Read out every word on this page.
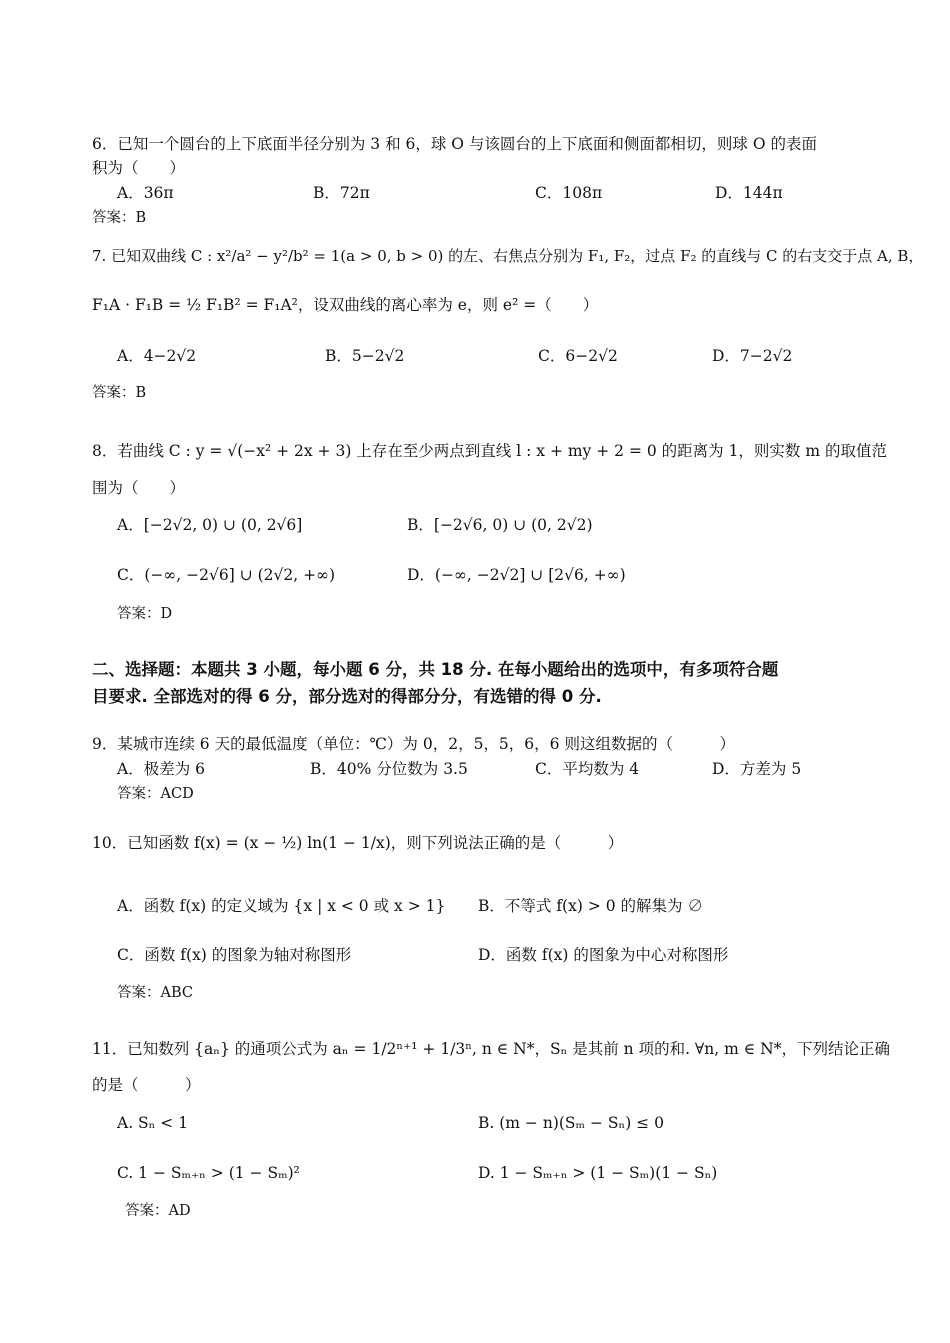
6．已知一个圆台的上下底面半径分别为 3 和 6，球 O 与该圆台的上下底面和侧面都相切，则球 O 的表面
积为（　　）
A．36π	B．72π	C．108π	D．144π
答案：B
7. 已知双曲线 C : x²/a² − y²/b² = 1(a > 0, b > 0) 的左、右焦点分别为 F₁, F₂，过点 F₂ 的直线与 C 的右支交于点 A, B，
F₁A · F₁B = ½ F₁B² = F₁A²，设双曲线的离心率为 e，则 e² =（　　）
A．4−2√2	B．5−2√2	C．6−2√2	D．7−2√2
答案：B
8．若曲线 C : y = √(−x² + 2x + 3) 上存在至少两点到直线 l : x + my + 2 = 0 的距离为 1，则实数 m 的取值范
围为（　　）
A．[−2√2, 0) ∪ (0, 2√6]	B．[−2√6, 0) ∪ (0, 2√2)
C．(−∞, −2√6] ∪ (2√2, +∞)	D．(−∞, −2√2] ∪ [2√6, +∞)
答案：D
二、选择题：本题共 3 小题，每小题 6 分，共 18 分. 在每小题给出的选项中，有多项符合题
目要求. 全部选对的得 6 分，部分选对的得部分分，有选错的得 0 分.
9．某城市连续 6 天的最低温度（单位：℃）为 0，2，5，5，6，6 则这组数据的（　　　）
A．极差为 6	B．40% 分位数为 3.5	C．平均数为 4	D．方差为 5
答案：ACD
10．已知函数 f(x) = (x − ½) ln(1 − 1/x)，则下列说法正确的是（　　　）
A．函数 f(x) 的定义域为 {x | x < 0 或 x > 1} B．不等式 f(x) > 0 的解集为 ∅
C．函数 f(x) 的图象为轴对称图形	D．函数 f(x) 的图象为中心对称图形
答案：ABC
11．已知数列 {aₙ} 的通项公式为 aₙ = 1/2ⁿ⁺¹ + 1/3ⁿ, n ∈ N*，Sₙ 是其前 n 项的和. ∀n, m ∈ N*，下列结论正确
的是（　　　）
A. Sₙ < 1	B. (m − n)(Sₘ − Sₙ) ≤ 0
C. 1 − Sₘ₊ₙ > (1 − Sₘ)²	D. 1 − Sₘ₊ₙ > (1 − Sₘ)(1 − Sₙ)
答案：AD
